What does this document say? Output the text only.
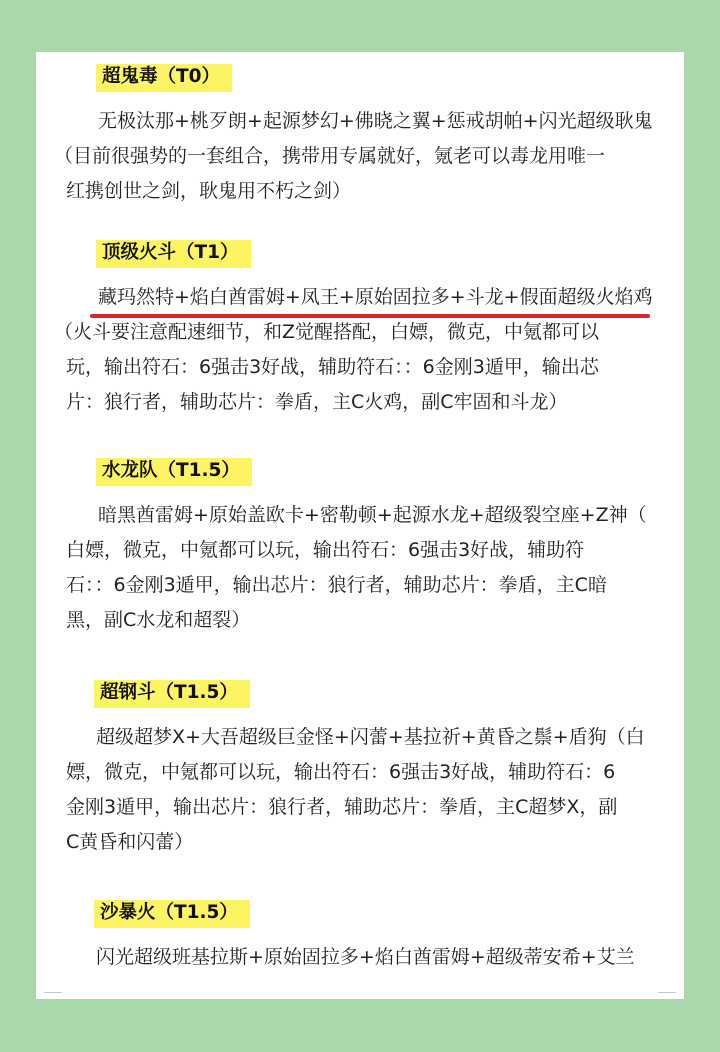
超鬼毒（T0）
无极汰那+桃歹朗+起源梦幻+佛晓之翼+惩戒胡帕+闪光超级耿鬼
（目前很强势的一套组合，携带用专属就好，氪老可以毒龙用唯一
红携创世之剑，耿鬼用不朽之剑）
顶级火斗（T1）
藏玛然特+焰白酋雷姆+凤王+原始固拉多+斗龙+假面超级火焰鸡
（火斗要注意配速细节，和Z觉醒搭配，白嫖，微克，中氪都可以
玩，输出符石：6强击3好战，辅助符石：：6金刚3遁甲，输出芯
片：狼行者，辅助芯片：拳盾，主C火鸡，副C牢固和斗龙）
水龙队（T1.5）
暗黑酋雷姆+原始盖欧卡+密勒顿+起源水龙+超级裂空座+Z神（
白嫖，微克，中氪都可以玩，输出符石：6强击3好战，辅助符
石：：6金刚3遁甲，输出芯片：狼行者，辅助芯片：拳盾，主C暗
黑，副C水龙和超裂）
超钢斗（T1.5）
超级超梦X+大吾超级巨金怪+闪蕾+基拉祈+黄昏之鬃+盾狗（白
嫖，微克，中氪都可以玩，输出符石：6强击3好战，辅助符石：6
金刚3遁甲，输出芯片：狼行者，辅助芯片：拳盾，主C超梦X，副
C黄昏和闪蕾）
沙暴火（T1.5）
闪光超级班基拉斯+原始固拉多+焰白酋雷姆+超级蒂安希+艾兰
